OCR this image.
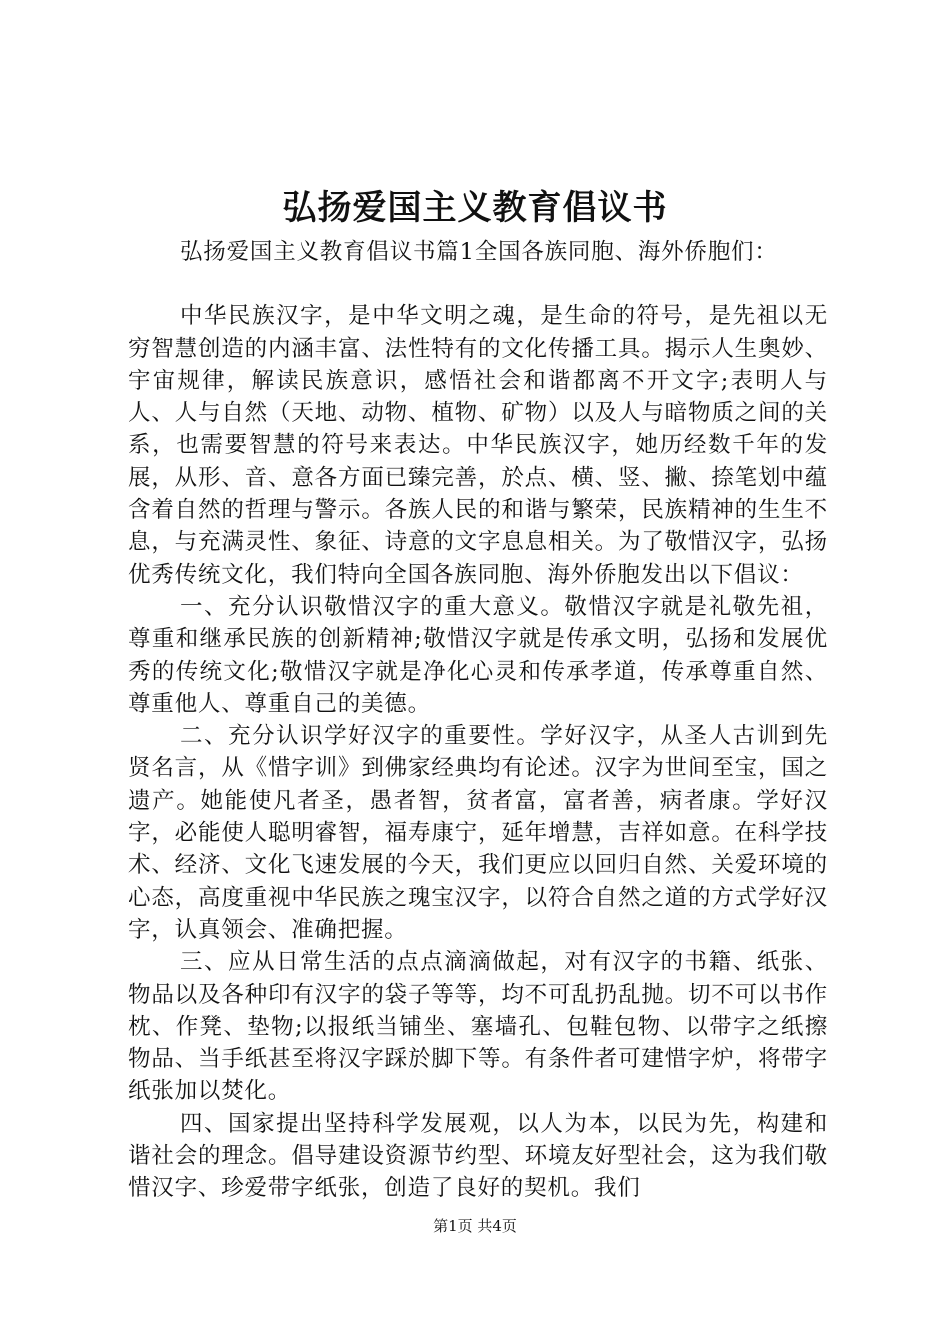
弘扬爱国主义教育倡议书

弘扬爱国主义教育倡议书篇1全国各族同胞、海外侨胞们：

中华民族汉字，是中华文明之魂，是生命的符号，是先祖以无穷智慧创造的内涵丰富、法性特有的文化传播工具。揭示人生奥妙、宇宙规律，解读民族意识，感悟社会和谐都离不开文字;表明人与人、人与自然（天地、动物、植物、矿物）以及人与暗物质之间的关系，也需要智慧的符号来表达。中华民族汉字，她历经数千年的发展，从形、音、意各方面已臻完善，於点、横、竖、撇、捺笔划中蕴含着自然的哲理与警示。各族人民的和谐与繁荣，民族精神的生生不息，与充满灵性、象征、诗意的文字息息相关。为了敬惜汉字，弘扬优秀传统文化，我们特向全国各族同胞、海外侨胞发出以下倡议：

一、充分认识敬惜汉字的重大意义。敬惜汉字就是礼敬先祖，尊重和继承民族的创新精神;敬惜汉字就是传承文明，弘扬和发展优秀的传统文化;敬惜汉字就是净化心灵和传承孝道，传承尊重自然、尊重他人、尊重自己的美德。

二、充分认识学好汉字的重要性。学好汉字，从圣人古训到先贤名言，从《惜字训》到佛家经典均有论述。汉字为世间至宝，国之遗产。她能使凡者圣，愚者智，贫者富，富者善，病者康。学好汉字，必能使人聪明睿智，福寿康宁，延年增慧，吉祥如意。在科学技术、经济、文化飞速发展的今天，我们更应以回归自然、关爱环境的心态，高度重视中华民族之瑰宝汉字，以符合自然之道的方式学好汉字，认真领会、准确把握。

三、应从日常生活的点点滴滴做起，对有汉字的书籍、纸张、物品以及各种印有汉字的袋子等等，均不可乱扔乱抛。切不可以书作枕、作凳、垫物;以报纸当铺坐、塞墙孔、包鞋包物、以带字之纸擦物品、当手纸甚至将汉字踩於脚下等。有条件者可建惜字炉，将带字纸张加以焚化。

四、国家提出坚持科学发展观，以人为本，以民为先，构建和谐社会的理念。倡导建设资源节约型、环境友好型社会，这为我们敬惜汉字、珍爱带字纸张，创造了良好的契机。我们

第1页 共4页
